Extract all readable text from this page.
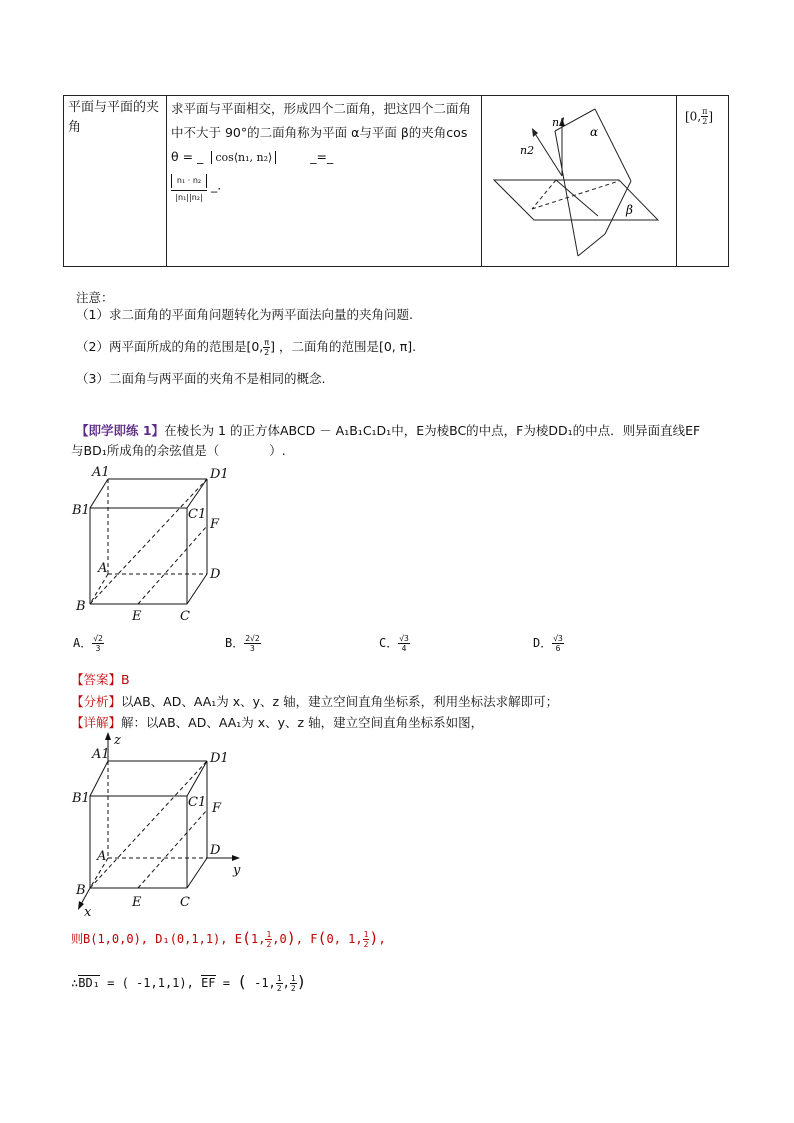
平面与平面的夹角	求平面与平面相交，形成四个二面角，把这四个二面角中不大于 90°的二面角称为平面 α与平面 β的夹角cos θ = _ cos⟨n₁, n₂⟩	_=_

$\frac{\text{n₁ · n₂}}{\text{|n₁||n₂|}}$ _.	
n1
n2
α
β
	[0, $\frac{\pi}{2}$ ]
注意：
（1）求二面角的平面角问题转化为两平面法向量的夹角问题.
（2）两平面所成的角的范围是[0, $\frac{\pi}{2}$ ] ，二面角的范围是[0, π].
（3）二面角与两平面的夹角不是相同的概念.
【即学即练 1】在棱长为 1 的正方体ABCD － A₁B₁C₁D₁中，E为棱BC的中点，F为棱DD₁的中点．则异面直线EF
与BD₁所成角的余弦值是（　　　　）.
A1	D1
B1	C1
F
A	D
B
E	C
A． $\frac{√2}{3}$	B． $\frac{2√2}{3}$	C． $\frac{√3}{4}$	D． $\frac{√3}{6}$
【答案】B
【分析】以AB、AD、AA₁为 x、y、z 轴，建立空间直角坐标系，利用坐标法求解即可；
【详解】解：以AB、AD、AA₁为 x、y、z 轴，建立空间直角坐标系如图，
z
y
x
A1	D1
B1	C1 F
A	D
B
E	C
则B(1,0,0), D₁(0,1,1), E(1, $\frac{1}{2} ,0$), F(0, 1, $\frac{1}{2}$ ),
∴BD₁ = ( -1,1,1), EF = ( -1, $\frac{1}{2}$ , $\frac{1}{2}$ )
